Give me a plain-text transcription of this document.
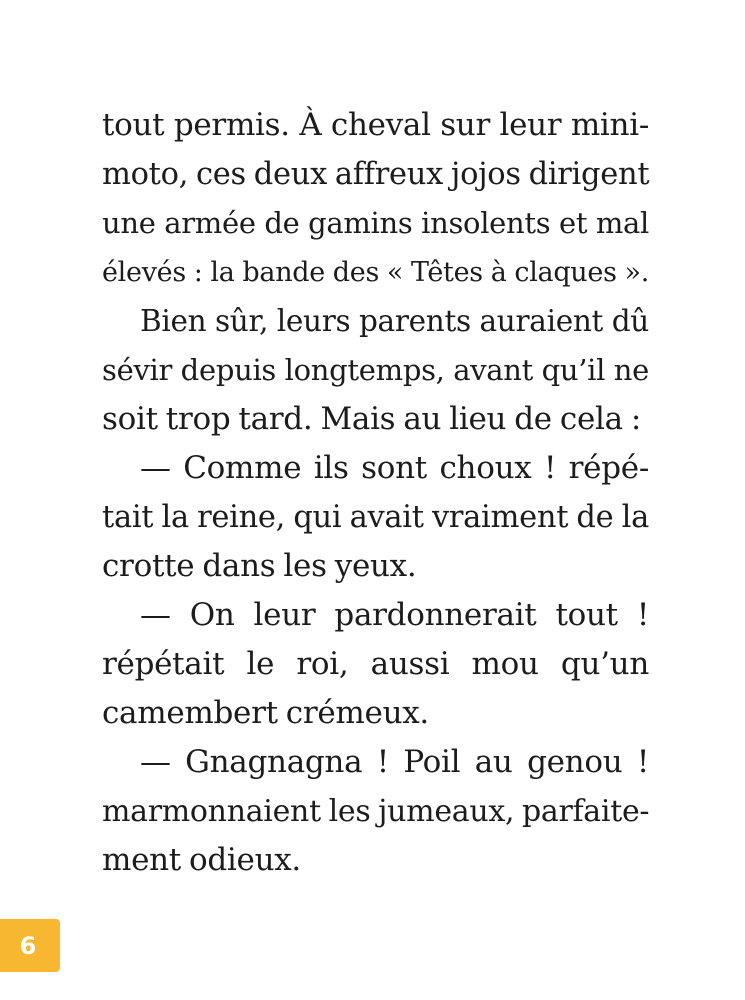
tout permis. À cheval sur leur mini-
moto, ces deux affreux jojos dirigent
une armée de gamins insolents et mal
élevés : la bande des « Têtes à claques ».
Bien sûr, leurs parents auraient dû
sévir depuis longtemps, avant qu’il ne
soit trop tard. Mais au lieu de cela :
— Comme ils sont choux ! répé-
tait la reine, qui avait vraiment de la
crotte dans les yeux.
— On leur pardonnerait tout !
répétait le roi, aussi mou qu’un
camembert crémeux.
— Gnagnagna ! Poil au genou !
marmonnaient les jumeaux, parfaite-
ment odieux.
6
